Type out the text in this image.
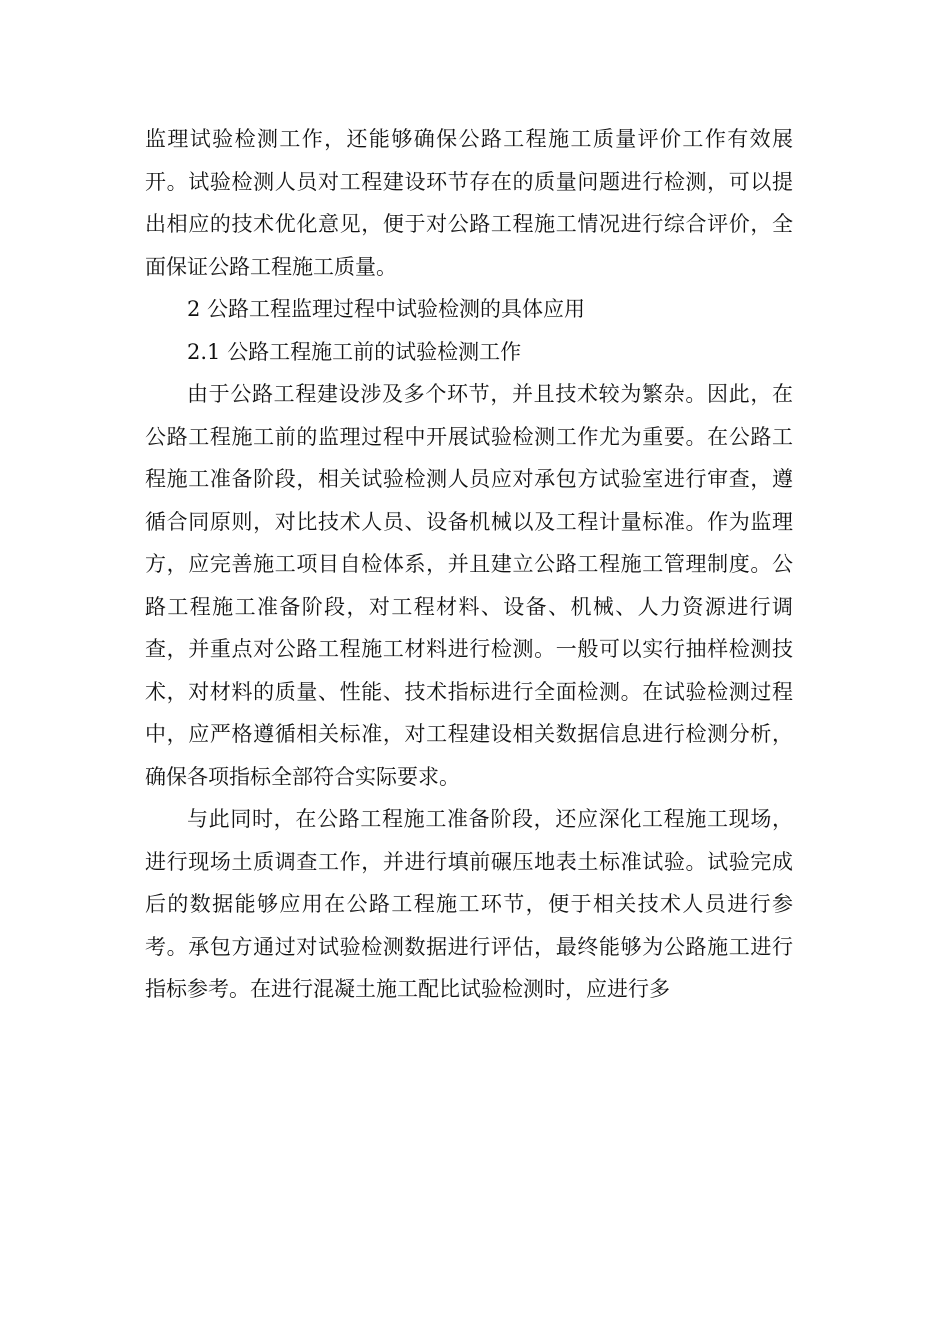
监理试验检测工作，还能够确保公路工程施工质量评价工作有效展开。试验检测人员对工程建设环节存在的质量问题进行检测，可以提出相应的技术优化意见，便于对公路工程施工情况进行综合评价，全面保证公路工程施工质量。

2 公路工程监理过程中试验检测的具体应用

2.1 公路工程施工前的试验检测工作

由于公路工程建设涉及多个环节，并且技术较为繁杂。因此，在公路工程施工前的监理过程中开展试验检测工作尤为重要。在公路工程施工准备阶段，相关试验检测人员应对承包方试验室进行审查，遵循合同原则，对比技术人员、设备机械以及工程计量标准。作为监理方，应完善施工项目自检体系，并且建立公路工程施工管理制度。公路工程施工准备阶段，对工程材料、设备、机械、人力资源进行调查，并重点对公路工程施工材料进行检测。一般可以实行抽样检测技术，对材料的质量、性能、技术指标进行全面检测。在试验检测过程中，应严格遵循相关标准，对工程建设相关数据信息进行检测分析，确保各项指标全部符合实际要求。

与此同时，在公路工程施工准备阶段，还应深化工程施工现场，进行现场土质调查工作，并进行填前碾压地表土标准试验。试验完成后的数据能够应用在公路工程施工环节，便于相关技术人员进行参考。承包方通过对试验检测数据进行评估，最终能够为公路施工进行指标参考。在进行混凝土施工配比试验检测时，应进行多
